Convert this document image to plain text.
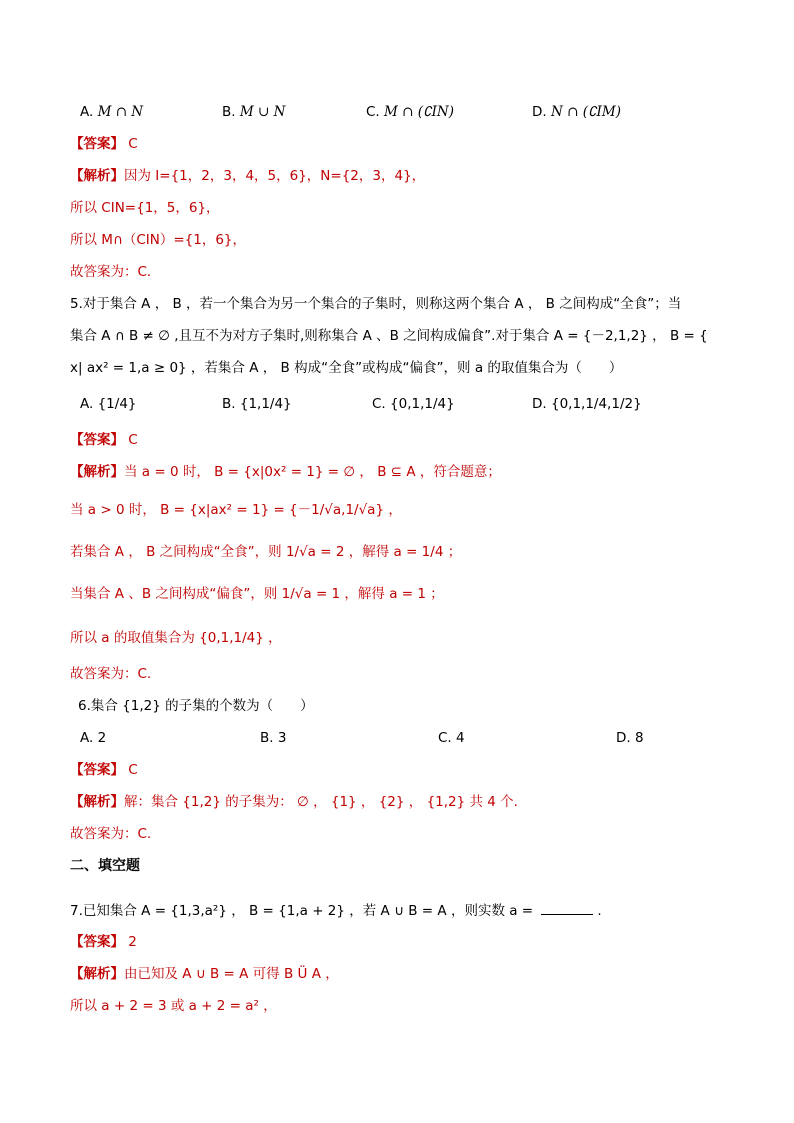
A. M ∩ N	B. M ∪ N	C. M ∩ (∁IN)	D. N ∩ (∁IM)
【答案】 C
【解析】因为 I={1，2，3，4，5，6}，N={2，3，4}，
所以 CIN={1，5，6}，
所以 M∩（CIN）={1，6}，
故答案为：C．
5.对于集合 A ， B ，若一个集合为另一个集合的子集时，则称这两个集合 A ， B 之间构成“全食”；当
集合 A ∩ B ≠ ∅ ,且互不为对方子集时,则称集合 A 、B 之间构成偏食”.对于集合 A = {－2,1,2} ， B = {
x| ax² = 1,a ≥ 0} ，若集合 A ， B 构成“全食”或构成“偏食”，则 a 的取值集合为（　　）
A. {1/4}	B. {1,1/4}	C. {0,1,1/4}	D. {0,1,1/4,1/2}
【答案】 C
【解析】当 a = 0 时， B = {x|0x² = 1} = ∅ ， B ⊆ A ，符合题意；
当 a > 0 时， B = {x|ax² = 1} = {－1/√a,1/√a} ，
若集合 A ， B 之间构成“全食”，则 1/√a = 2 ，解得 a = 1/4 ；
当集合 A 、B 之间构成“偏食”，则 1/√a = 1 ，解得 a = 1 ；
所以 a 的取值集合为 {0,1,1/4} ，
故答案为：C.
6.集合 {1,2} 的子集的个数为（　　）
A. 2	B. 3	C. 4	D. 8
【答案】 C
【解析】解：集合 {1,2} 的子集为： ∅ ， {1} ， {2} ， {1,2} 共 4 个.
故答案为：C.
二、填空题
7.已知集合 A = {1,3,a²} ， B = {1,a + 2} ，若 A ∪ B = A ，则实数 a =	.
【答案】 2
【解析】由已知及 A ∪ B = A 可得 B Ü A ，
所以 a + 2 = 3 或 a + 2 = a² ，
